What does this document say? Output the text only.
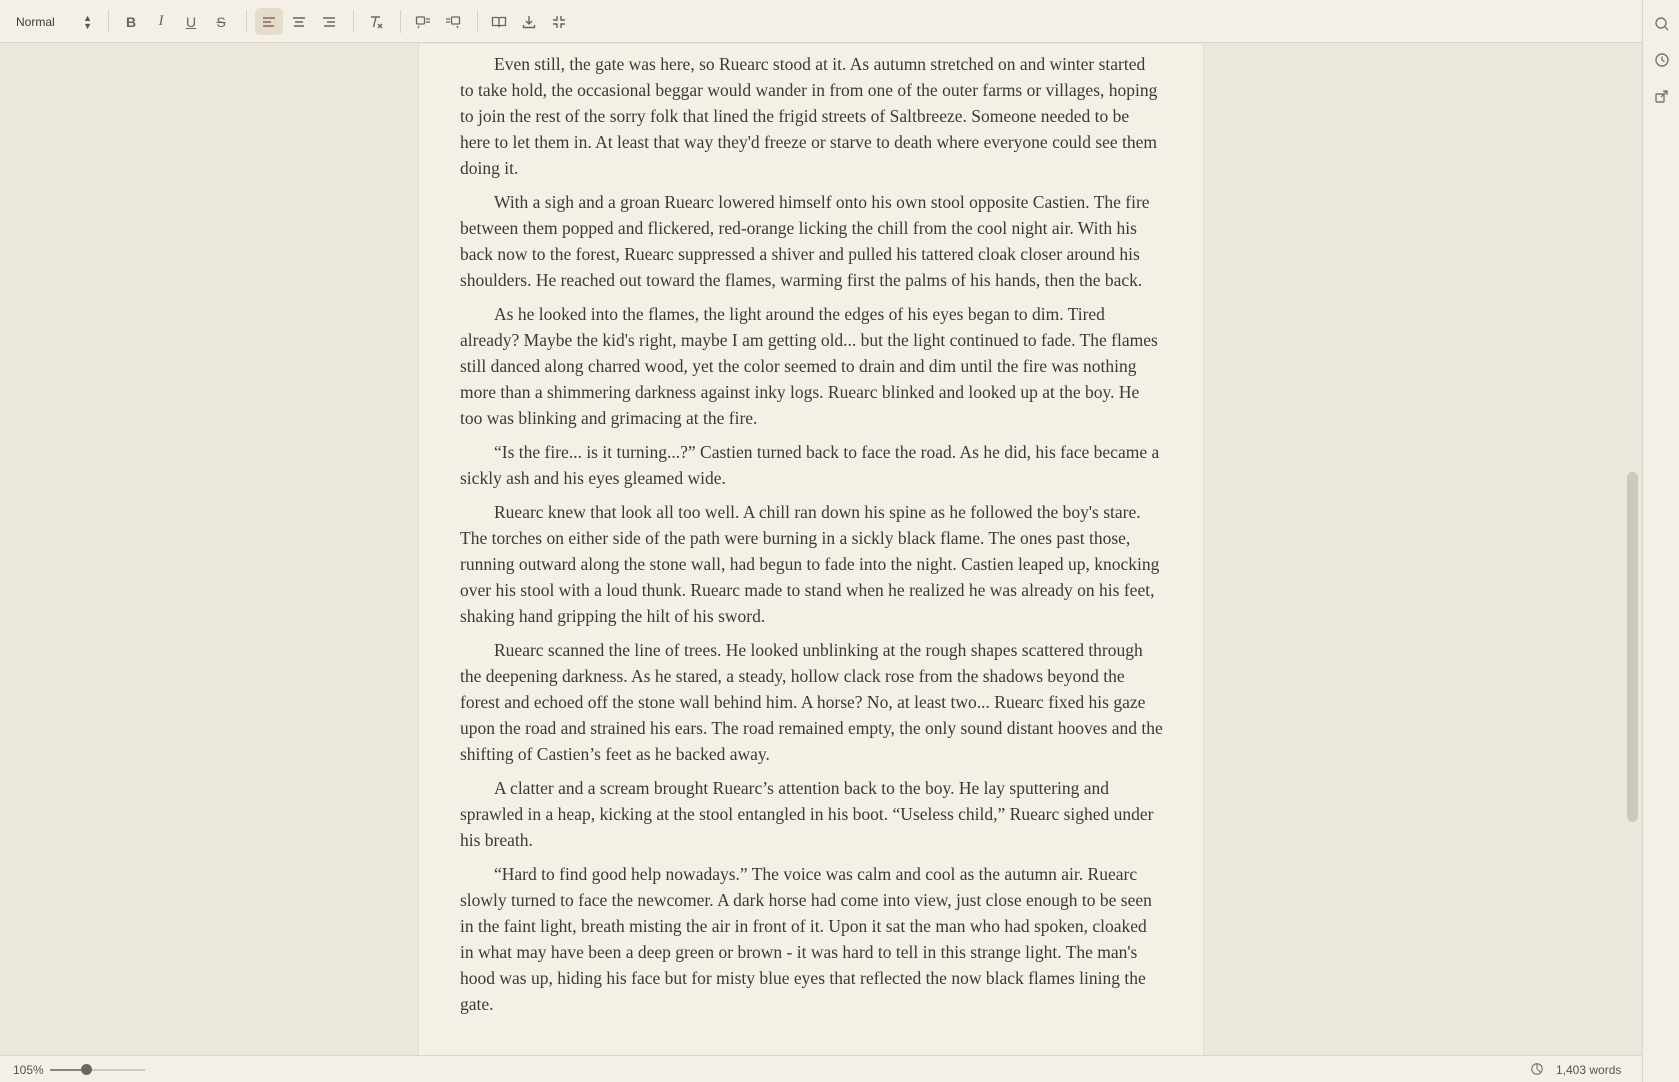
Normal	▲
▼ B I U S

Even still, the gate was here, so Ruearc stood at it. As autumn stretched on and winter started to take hold, the occasional beggar would wander in from one of the outer farms or villages, hoping to join the rest of the sorry folk that lined the frigid streets of Saltbreeze. Someone needed to be here to let them in. At least that way they'd freeze or starve to death where everyone could see them doing it.

With a sigh and a groan Ruearc lowered himself onto his own stool opposite Castien. The fire between them popped and flickered, red-orange licking the chill from the cool night air. With his back now to the forest, Ruearc suppressed a shiver and pulled his tattered cloak closer around his shoulders. He reached out toward the flames, warming first the palms of his hands, then the back.

As he looked into the flames, the light around the edges of his eyes began to dim. Tired already? Maybe the kid's right, maybe I am getting old... but the light continued to fade. The flames still danced along charred wood, yet the color seemed to drain and dim until the fire was nothing more than a shimmering darkness against inky logs. Ruearc blinked and looked up at the boy. He too was blinking and grimacing at the fire.

“Is the fire... is it turning...?” Castien turned back to face the road. As he did, his face became a sickly ash and his eyes gleamed wide.

Ruearc knew that look all too well. A chill ran down his spine as he followed the boy's stare. The torches on either side of the path were burning in a sickly black flame. The ones past those, running outward along the stone wall, had begun to fade into the night. Castien leaped up, knocking over his stool with a loud thunk. Ruearc made to stand when he realized he was already on his feet, shaking hand gripping the hilt of his sword.

Ruearc scanned the line of trees. He looked unblinking at the rough shapes scattered through the deepening darkness. As he stared, a steady, hollow clack rose from the shadows beyond the forest and echoed off the stone wall behind him. A horse? No, at least two... Ruearc fixed his gaze upon the road and strained his ears. The road remained empty, the only sound distant hooves and the shifting of Castien’s feet as he backed away.

A clatter and a scream brought Ruearc’s attention back to the boy. He lay sputtering and sprawled in a heap, kicking at the stool entangled in his boot. “Useless child,” Ruearc sighed under his breath.

“Hard to find good help nowadays.” The voice was calm and cool as the autumn air. Ruearc slowly turned to face the newcomer. A dark horse had come into view, just close enough to be seen in the faint light, breath misting the air in front of it. Upon it sat the man who had spoken, cloaked in what may have been a deep green or brown - it was hard to tell in this strange light. The man's hood was up, hiding his face but for misty blue eyes that reflected the now black flames lining the gate.

105%	1,403 words
